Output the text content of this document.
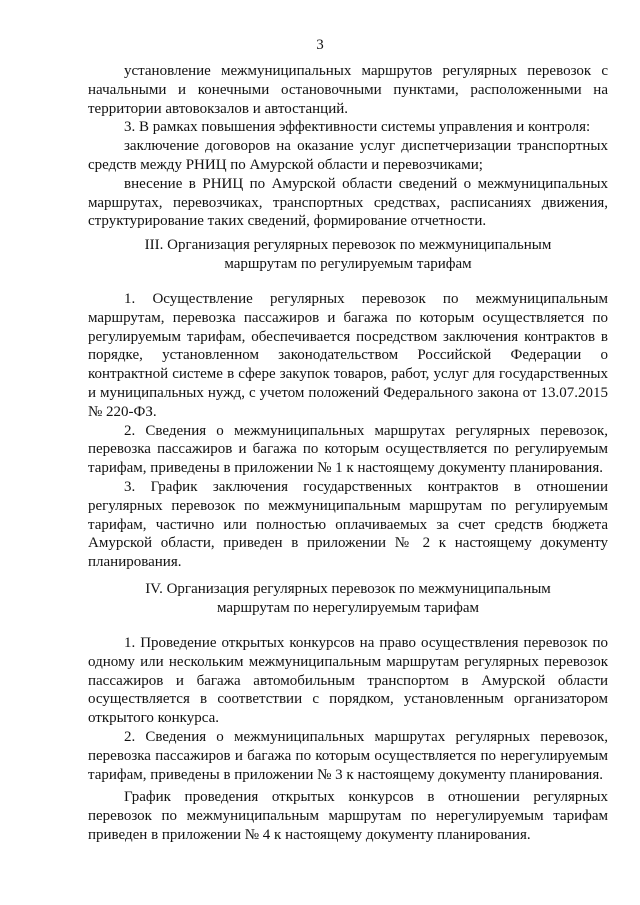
3

установление межмуниципальных маршрутов регулярных перевозок с начальными и конечными остановочными пунктами, расположенными на территории автовокзалов и автостанций.

3. В рамках повышения эффективности системы управления и контроля:

заключение договоров на оказание услуг диспетчеризации транспортных средств между РНИЦ по Амурской области и перевозчиками;

внесение в РНИЦ по Амурской области сведений о межмуниципальных маршрутах, перевозчиках, транспортных средствах, расписаниях движения, структурирование таких сведений, формирование отчетности.

III. Организация регулярных перевозок по межмуниципальным
маршрутам по регулируемым тарифам

1. Осуществление регулярных перевозок по межмуниципальным маршрутам, перевозка пассажиров и багажа по которым осуществляется по регулируемым тарифам, обеспечивается посредством заключения контрактов в порядке, установленном законодательством Российской Федерации о контрактной системе в сфере закупок товаров, работ, услуг для государственных и муниципальных нужд, с учетом положений Федерального закона от 13.07.2015 № 220-ФЗ.

2. Сведения о межмуниципальных маршрутах регулярных перевозок, перевозка пассажиров и багажа по которым осуществляется по регулируемым тарифам, приведены в приложении № 1 к настоящему документу планирования.

3. График заключения государственных контрактов в отношении регулярных перевозок по межмуниципальным маршрутам по регулируемым тарифам, частично или полностью оплачиваемых за счет средств бюджета Амурской области, приведен в приложении № 2 к настоящему документу планирования.

IV. Организация регулярных перевозок по межмуниципальным
маршрутам по нерегулируемым тарифам

1. Проведение открытых конкурсов на право осуществления перевозок по одному или нескольким межмуниципальным маршрутам регулярных перевозок пассажиров и багажа автомобильным транспортом в Амурской области осуществляется в соответствии с порядком, установленным организатором открытого конкурса.

2. Сведения о межмуниципальных маршрутах регулярных перевозок, перевозка пассажиров и багажа по которым осуществляется по нерегулируемым тарифам, приведены в приложении № 3 к настоящему документу планирования.

График проведения открытых конкурсов в отношении регулярных перевозок по межмуниципальным маршрутам по нерегулируемым тарифам приведен в приложении № 4 к настоящему документу планирования.
